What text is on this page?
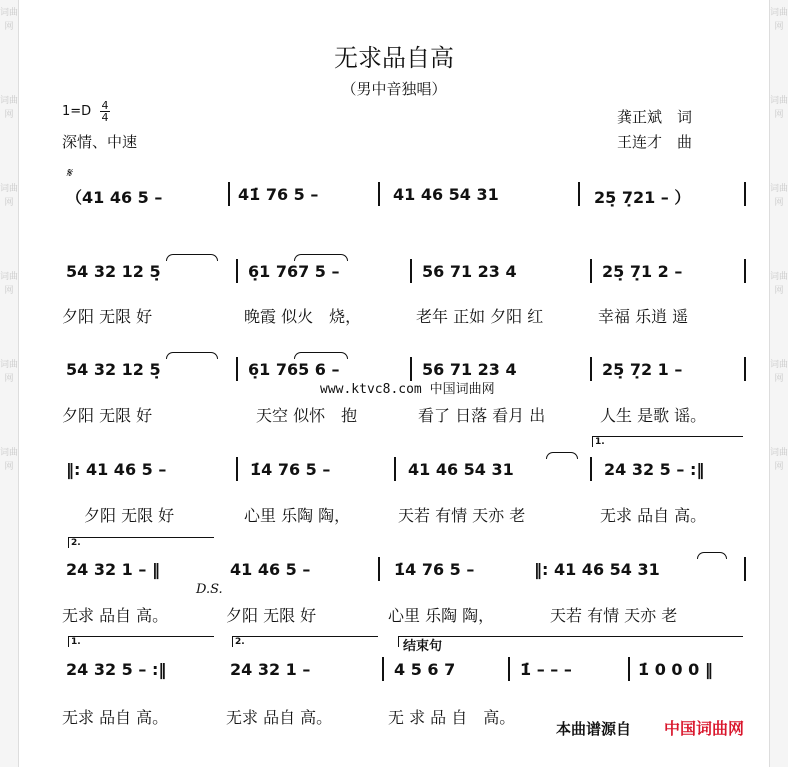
词曲网
词曲网
词曲网
词曲网
词曲网
词曲网
词曲网
词曲网
词曲网
词曲网
词曲网
词曲网
无求品自高
（男中音独唱）
$1=D \frac{4}{4}$
深情、中速
龚正斌　词
王连才　曲
𝄋
（41 46 5 –	41̇ 76 5 –	41 46 54 31	25̣ 7̣21 – ）
54 32 12 5̣	6̣1 767 5 –	56 71 23 4	25̣ 7̣1 2 –
夕阳 无限 好	晚霞 似火　烧，	老年 正如 夕阳 红	幸福 乐逍 遥
54 32 12 5̣	6̣1 765 6 –	56 71 23 4	25̣ 7̣2 1 –
www.ktvc8.com 中国词曲网
夕阳 无限 好	天空 似怀　抱	看了 日落 看月 出	人生 是歌 谣。
1.
‖: 41 46 5 –	1̇4 76 5 –	41 46 54 31	24 32 5 – :‖
夕阳 无限 好	心里 乐陶 陶，	天若 有情 天亦 老	无求 品自 高。
2.
24 32 1 – ‖	41 46 5 –	1̇4 76 5 –	‖: 41 46 54 31
D.S.
无求 品自 高。	夕阳 无限 好	心里 乐陶 陶，	天若 有情 天亦 老
1.	2.	结束句
24 32 5 – :‖	24 32 1 –	4 5 6 7	1̇ – – –	1̇ 0 0 0 ‖
无求 品自 高。	无求 品自 高。	无 求 品 自　高。
本曲谱源自 中国词曲网
